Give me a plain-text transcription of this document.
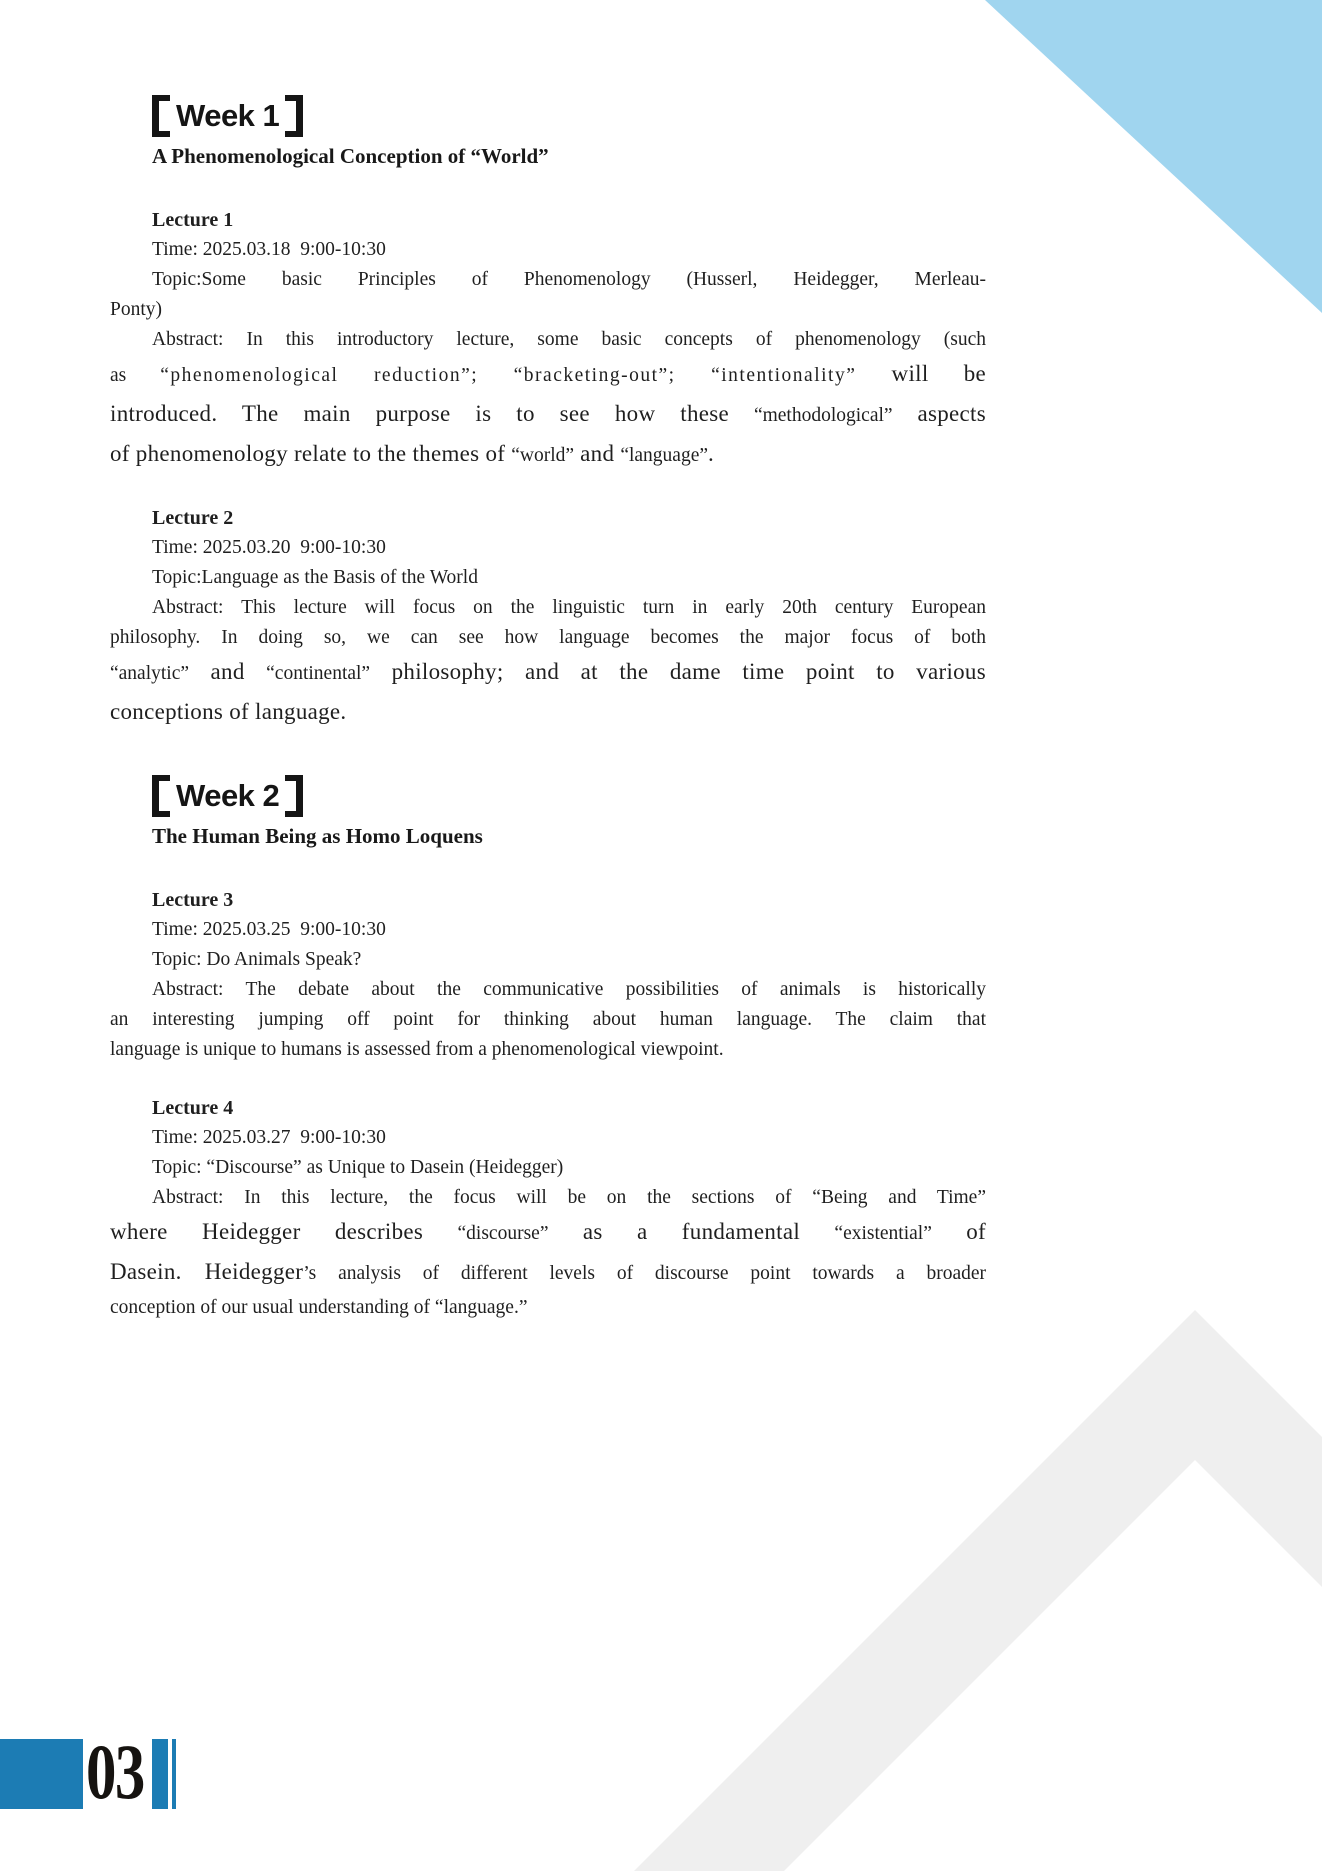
Week 1

A Phenomenological Conception of “World”

Lecture 1
Time: 2025.03.18 9:00-10:30
Topic:Some basic Principles of Phenomenology (Husserl, Heidegger, Merleau-
Ponty)
Abstract: In this introductory lecture, some basic concepts of phenomenology (such
as “phenomenological reduction”; “bracketing-out”; “intentionality” will be
introduced. The main purpose is to see how these “methodological” aspects
of phenomenology relate to the themes of “world” and “language”.
Lecture 2
Time: 2025.03.20 9:00-10:30
Topic:Language as the Basis of the World
Abstract: This lecture will focus on the linguistic turn in early 20th century European
philosophy. In doing so, we can see how language becomes the major focus of both
“analytic” and “continental” philosophy; and at the dame time point to various
conceptions of language.
Week 2

The Human Being as Homo Loquens

Lecture 3
Time: 2025.03.25 9:00-10:30
Topic: Do Animals Speak?
Abstract: The debate about the communicative possibilities of animals is historically
an interesting jumping off point for thinking about human language. The claim that
language is unique to humans is assessed from a phenomenological viewpoint.
Lecture 4
Time: 2025.03.27 9:00-10:30
Topic: “Discourse” as Unique to Dasein (Heidegger)
Abstract: In this lecture, the focus will be on the sections of “Being and Time”
where Heidegger describes “discourse” as a fundamental “existential” of
Dasein. Heidegger’s analysis of different levels of discourse point towards a broader
conception of our usual understanding of “language.”
03
